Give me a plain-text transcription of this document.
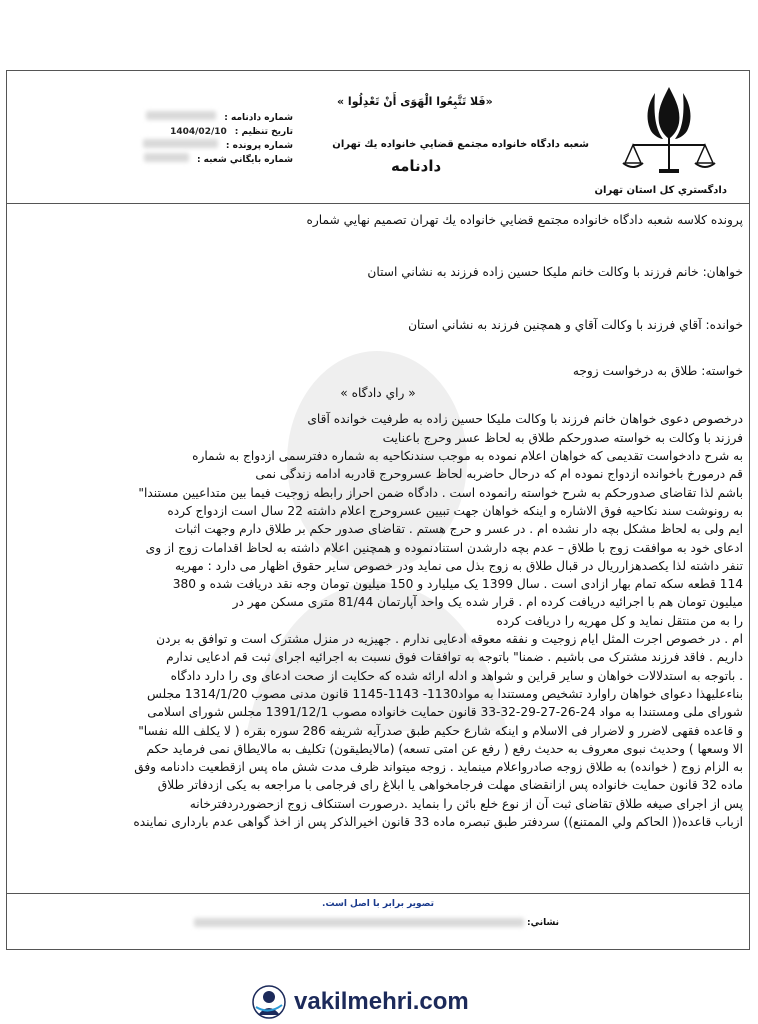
دادگستري كل استان تهران
«فَلا تَتَّبِعُوا الْهَوَى أَنْ تَعْدِلُوا »
شعبه دادگاه خانواده مجتمع قضايي خانواده يك تهران
دادنامه
شماره دادنامه :
تاريخ تنظيم :
1404/02/10
شماره پرونده :
شماره بايگاني شعبه :
پرونده كلاسه شعبه دادگاه خانواده مجتمع قضايي خانواده يك تهران تصميم نهايي شماره
خواهان: خانم فرزند با وكالت خانم ملیکا حسین زاده فرزند به نشاني استان
خوانده: آقاي فرزند با وكالت آقاي و همچنين فرزند به نشاني استان
خواسته: طلاق به درخواست زوجه
« راي دادگاه »
درخصوص دعوی خواهان خانم فرزند با وکالت ملیکا حسین زاده به طرفیت خوانده آقای
فرزند با وكالت به خواسته صدورحکم طلاق به لحاظ عسر وحرج باعنايت
به شرح دادخواست تقدیمی که خواهان اعلام نموده به موجب سندنکاحیه به شماره دفترسمی ازدواج به شماره
قم درمورخ باخوانده ازدواج نموده ام كه درحال حاضربه لحاظ عسروحرج قادربه ادامه زندگی نمی
باشم لذا تقاضای صدورحکم به شرح خواسته رانموده است . دادگاه ضمن احراز رابطه زوجیت فیما بین متداعیین مستندا"
به رونوشت سند نكاحيه فوق الاشاره و اینکه خواهان جهت تبیین عسروحرج اعلام داشته 22 سال است ازدواج کرده
ایم ولی به لحاظ مشکل بچه دار نشده ام . در عسر و حرج هستم . تقاضای صدور حکم بر طلاق دارم وجهت اثبات
ادعای خود به موافقت زوج با طلاق – عدم بچه دارشدن استنادنموده و همچنین اعلام داشته به لحاظ اقدامات زوج از وی
تنفر داشته لذا یکصدهزارریال در قبال طلاق به زوج بذل می نماید ودر خصوص سایر حقوق اظهار می دارد : مهریه
114 قطعه سکه تمام بهار ازادی است . سال 1399 یک میلیارد و 150 میلیون تومان وجه نقد دریافت شده و 380
میلیون تومان هم با اجرائیه دریافت کرده ام . قرار شده یک واحد آپارتمان 81/44 متری مسکن مهر در
را به من منتقل نماید و کل مهریه را دریافت کرده
ام . در خصوص اجرت المثل ایام زوجیت و نفقه معوقه ادعایی ندارم . جهیزیه در منزل مشترک است و توافق به بردن
داریم . فاقد فرزند مشترک می باشیم . ضمنا" باتوجه به توافقات فوق نسبت به اجرائیه اجرای ثبت قم ادعایی ندارم
. باتوجه به استدلالات خواهان و سایر قراین و شواهد و ادله ارائه شده كه حكايت از صحت ادعای وی را دارد دادگاه
بناءعلیهذا دعوای خواهان راوارد تشخیص ومستندا به مواد1130- 1143-1145 قانون مدنی مصوب 1314/1/20 مجلس
شورای ملی ومستندا به مواد 24-26-27-29-32-33 قانون حمایت خانواده مصوب 1391/12/1 مجلس شورای اسلامی
و قاعده فقهی لاضرر و لاضرار فی الاسلام و اینکه شارع حکیم طبق صدرآیه شریفه 286 سوره بقره ( لا یکلف الله نفسا"
الا وسعها ) وحدیث نبوی معروف به حدیث رفع ( رفع عن امتی تسعه) (مالایطیقون) تکلیف به مالایطاق نمی فرماید حکم
به الزام زوج ( خوانده) به طلاق زوجه صادرواعلام مینماید . زوجه میتواند ظرف مدت شش ماه پس ازقطعيت دادنامه وفق
ماده 32 قانون حمایت خانواده پس ازانقضای مهلت فرجامخواهی یا ابلاغ رای فرجامی با مراجعه به یکی ازدفاتر طلاق
پس از اجرای صیغه طلاق تقاضای ثبت آن از نوع خلع بائن را بنماید .درصورت استنکاف زوج ازحضوردردفترخانه
ازباب قاعده(( الحاكم ولي الممتنع)) سردفتر طبق تبصره ماده 33 قانون اخيرالذكر پس از اخذ گواهی عدم بارداری نماينده
تصوير برابر با اصل است.
نشاني:
vakilmehri.com
